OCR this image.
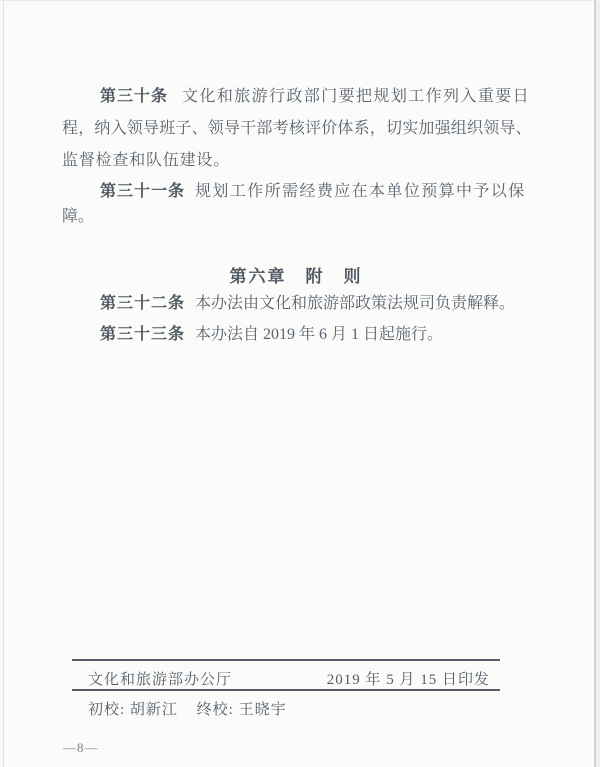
第三十条 文化和旅游行政部门要把规划工作列入重要日
程，纳入领导班子、领导干部考核评价体系，切实加强组织领导、
监督检查和队伍建设。
第三十一条 规划工作所需经费应在本单位预算中予以保
障。
第六章　附　则
第三十二条 本办法由文化和旅游部政策法规司负责解释。
第三十三条 本办法自 2019 年 6 月 1 日起施行。
文化和旅游部办公厅	2019 年 5 月 15 日印发
初校: 胡新江 终校: 王晓宇
—8—
